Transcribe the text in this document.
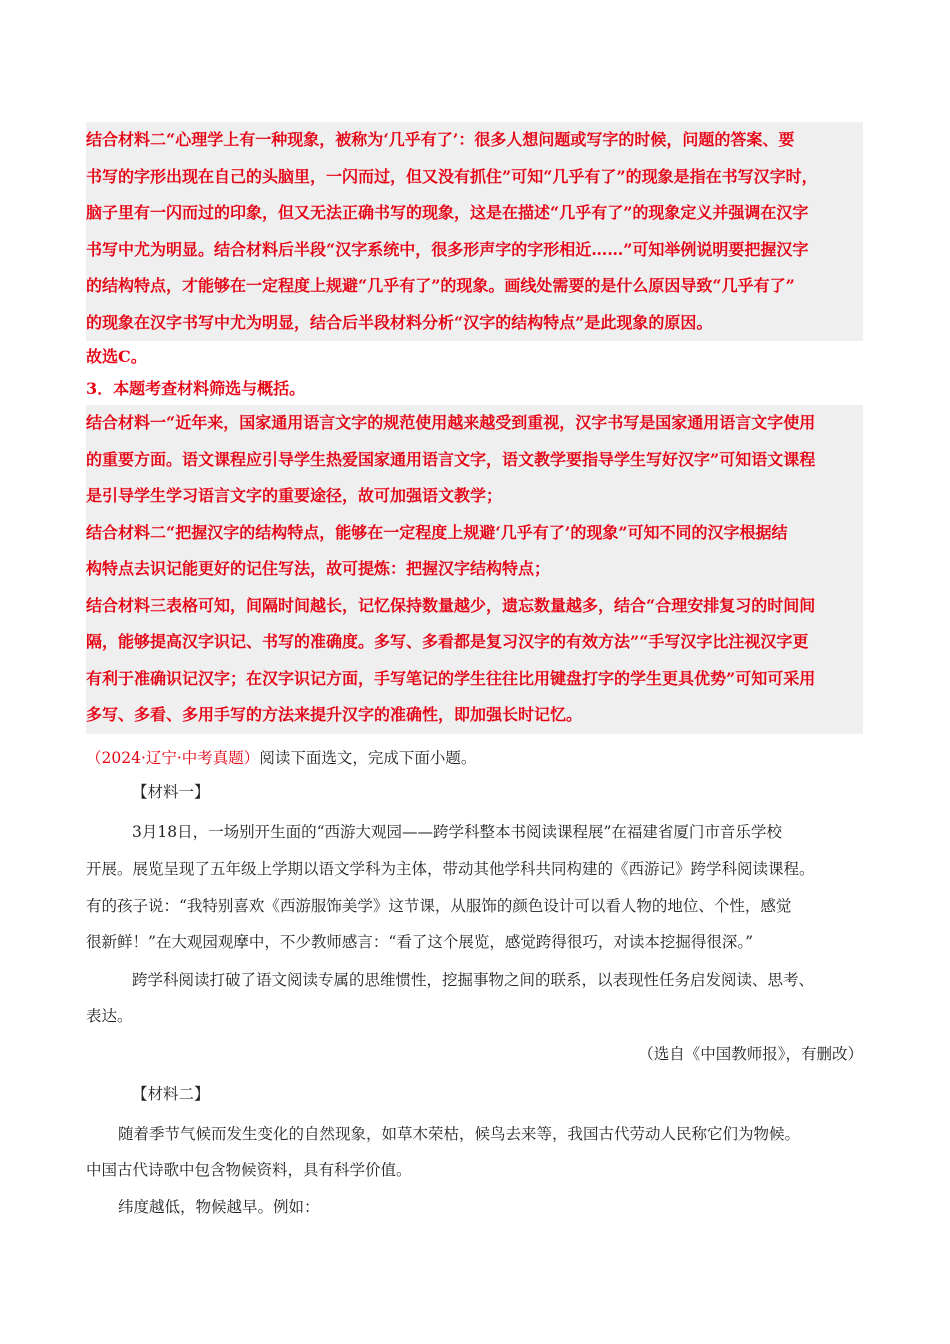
结合材料二“心理学上有一种现象，被称为‘几乎有了’：很多人想问题或写字的时候，问题的答案、要
书写的字形出现在自己的头脑里，一闪而过，但又没有抓住”可知“几乎有了”的现象是指在书写汉字时，
脑子里有一闪而过的印象，但又无法正确书写的现象，这是在描述“几乎有了”的现象定义并强调在汉字
书写中尤为明显。结合材料后半段“汉字系统中，很多形声字的字形相近……”可知举例说明要把握汉字
的结构特点，才能够在一定程度上规避“几乎有了”的现象。画线处需要的是什么原因导致“几乎有了”
的现象在汉字书写中尤为明显，结合后半段材料分析“汉字的结构特点”是此现象的原因。
故选C。
3．本题考查材料筛选与概括。
结合材料一“近年来，国家通用语言文字的规范使用越来越受到重视，汉字书写是国家通用语言文字使用
的重要方面。语文课程应引导学生热爱国家通用语言文字，语文教学要指导学生写好汉字”可知语文课程
是引导学生学习语言文字的重要途径，故可加强语文教学；
结合材料二“把握汉字的结构特点，能够在一定程度上规避‘几乎有了’的现象”可知不同的汉字根据结
构特点去识记能更好的记住写法，故可提炼：把握汉字结构特点；
结合材料三表格可知，间隔时间越长，记忆保持数量越少，遗忘数量越多，结合“合理安排复习的时间间
隔，能够提高汉字识记、书写的准确度。多写、多看都是复习汉字的有效方法”“手写汉字比注视汉字更
有利于准确识记汉字；在汉字识记方面，手写笔记的学生往往比用键盘打字的学生更具优势”可知可采用
多写、多看、多用手写的方法来提升汉字的准确性，即加强长时记忆。
（2024·辽宁·中考真题）阅读下面选文，完成下面小题。
【材料一】
3月18日，一场别开生面的“西游大观园——跨学科整本书阅读课程展”在福建省厦门市音乐学校
开展。展览呈现了五年级上学期以语文学科为主体，带动其他学科共同构建的《西游记》跨学科阅读课程。
有的孩子说：“我特别喜欢《西游服饰美学》这节课，从服饰的颜色设计可以看人物的地位、个性，感觉
很新鲜！”在大观园观摩中，不少教师感言：“看了这个展览，感觉跨得很巧，对读本挖掘得很深。”
跨学科阅读打破了语文阅读专属的思维惯性，挖掘事物之间的联系，以表现性任务启发阅读、思考、
表达。
（选自《中国教师报》，有删改）
【材料二】
随着季节气候而发生变化的自然现象，如草木荣枯，候鸟去来等，我国古代劳动人民称它们为物候。
中国古代诗歌中包含物候资料，具有科学价值。
纬度越低，物候越早。例如：
